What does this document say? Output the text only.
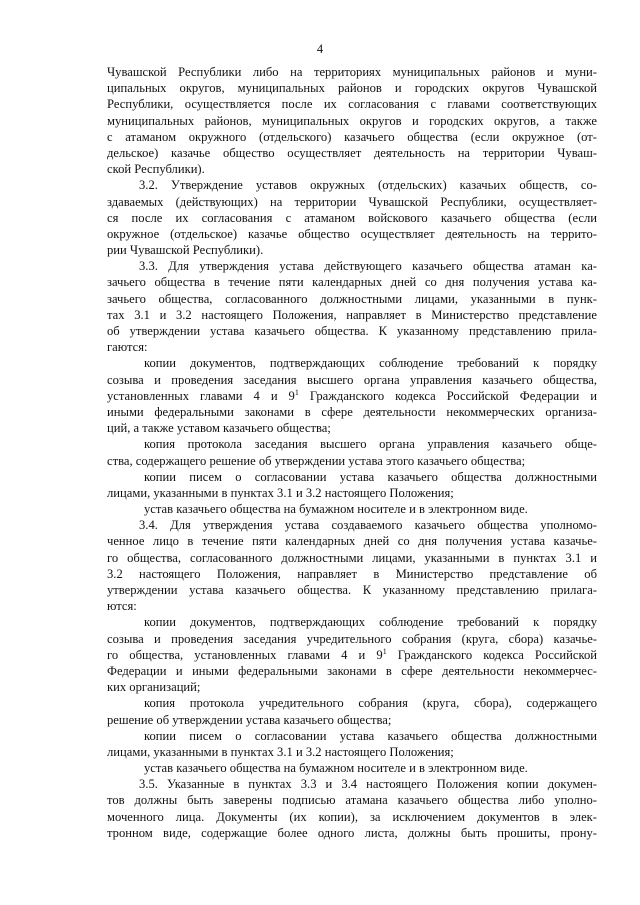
4
Чувашской Республики либо на территориях муниципальных районов и муни-
ципальных округов, муниципальных районов и городских округов Чувашской
Республики, осуществляется после их согласования с главами соответствующих
муниципальных районов, муниципальных округов и городских округов, а также
с атаманом окружного (отдельского) казачьего общества (если окружное (от-
дельское) казачье общество осуществляет деятельность на территории Чуваш-
ской Республики).
3.2. Утверждение уставов окружных (отдельских) казачьих обществ, со-
здаваемых (действующих) на территории Чувашской Республики, осуществляет-
ся после их согласования с атаманом войскового казачьего общества (если
окружное (отдельское) казачье общество осуществляет деятельность на террито-
рии Чувашской Республики).
3.3. Для утверждения устава действующего казачьего общества атаман ка-
зачьего общества в течение пяти календарных дней со дня получения устава ка-
зачьего общества, согласованного должностными лицами, указанными в пунк-
тах 3.1 и 3.2 настоящего Положения, направляет в Министерство представление
об утверждении устава казачьего общества. К указанному представлению прила-
гаются:
копии документов, подтверждающих соблюдение требований к порядку
созыва и проведения заседания высшего органа управления казачьего общества,
установленных главами 4 и $9^1$ Гражданского кодекса Российской Федерации и
иными федеральными законами в сфере деятельности некоммерческих организа-
ций, а также уставом казачьего общества;
копия протокола заседания высшего органа управления казачьего обще-
ства, содержащего решение об утверждении устава этого казачьего общества;
копии писем о согласовании устава казачьего общества должностными
лицами, указанными в пунктах 3.1 и 3.2 настоящего Положения;
устав казачьего общества на бумажном носителе и в электронном виде.
3.4. Для утверждения устава создаваемого казачьего общества уполномо-
ченное лицо в течение пяти календарных дней со дня получения устава казачье-
го общества, согласованного должностными лицами, указанными в пунктах 3.1 и
3.2 настоящего Положения, направляет в Министерство представление об
утверждении устава казачьего общества. К указанному представлению прилага-
ются:
копии документов, подтверждающих соблюдение требований к порядку
созыва и проведения заседания учредительного собрания (круга, сбора) казачье-
го общества, установленных главами 4 и $9^1$ Гражданского кодекса Российской
Федерации и иными федеральными законами в сфере деятельности некоммерчес-
ких организаций;
копия протокола учредительного собрания (круга, сбора), содержащего
решение об утверждении устава казачьего общества;
копии писем о согласовании устава казачьего общества должностными
лицами, указанными в пунктах 3.1 и 3.2 настоящего Положения;
устав казачьего общества на бумажном носителе и в электронном виде.
3.5. Указанные в пунктах 3.3 и 3.4 настоящего Положения копии докумен-
тов должны быть заверены подписью атамана казачьего общества либо уполно-
моченного лица. Документы (их копии), за исключением документов в элек-
тронном виде, содержащие более одного листа, должны быть прошиты, прону-
